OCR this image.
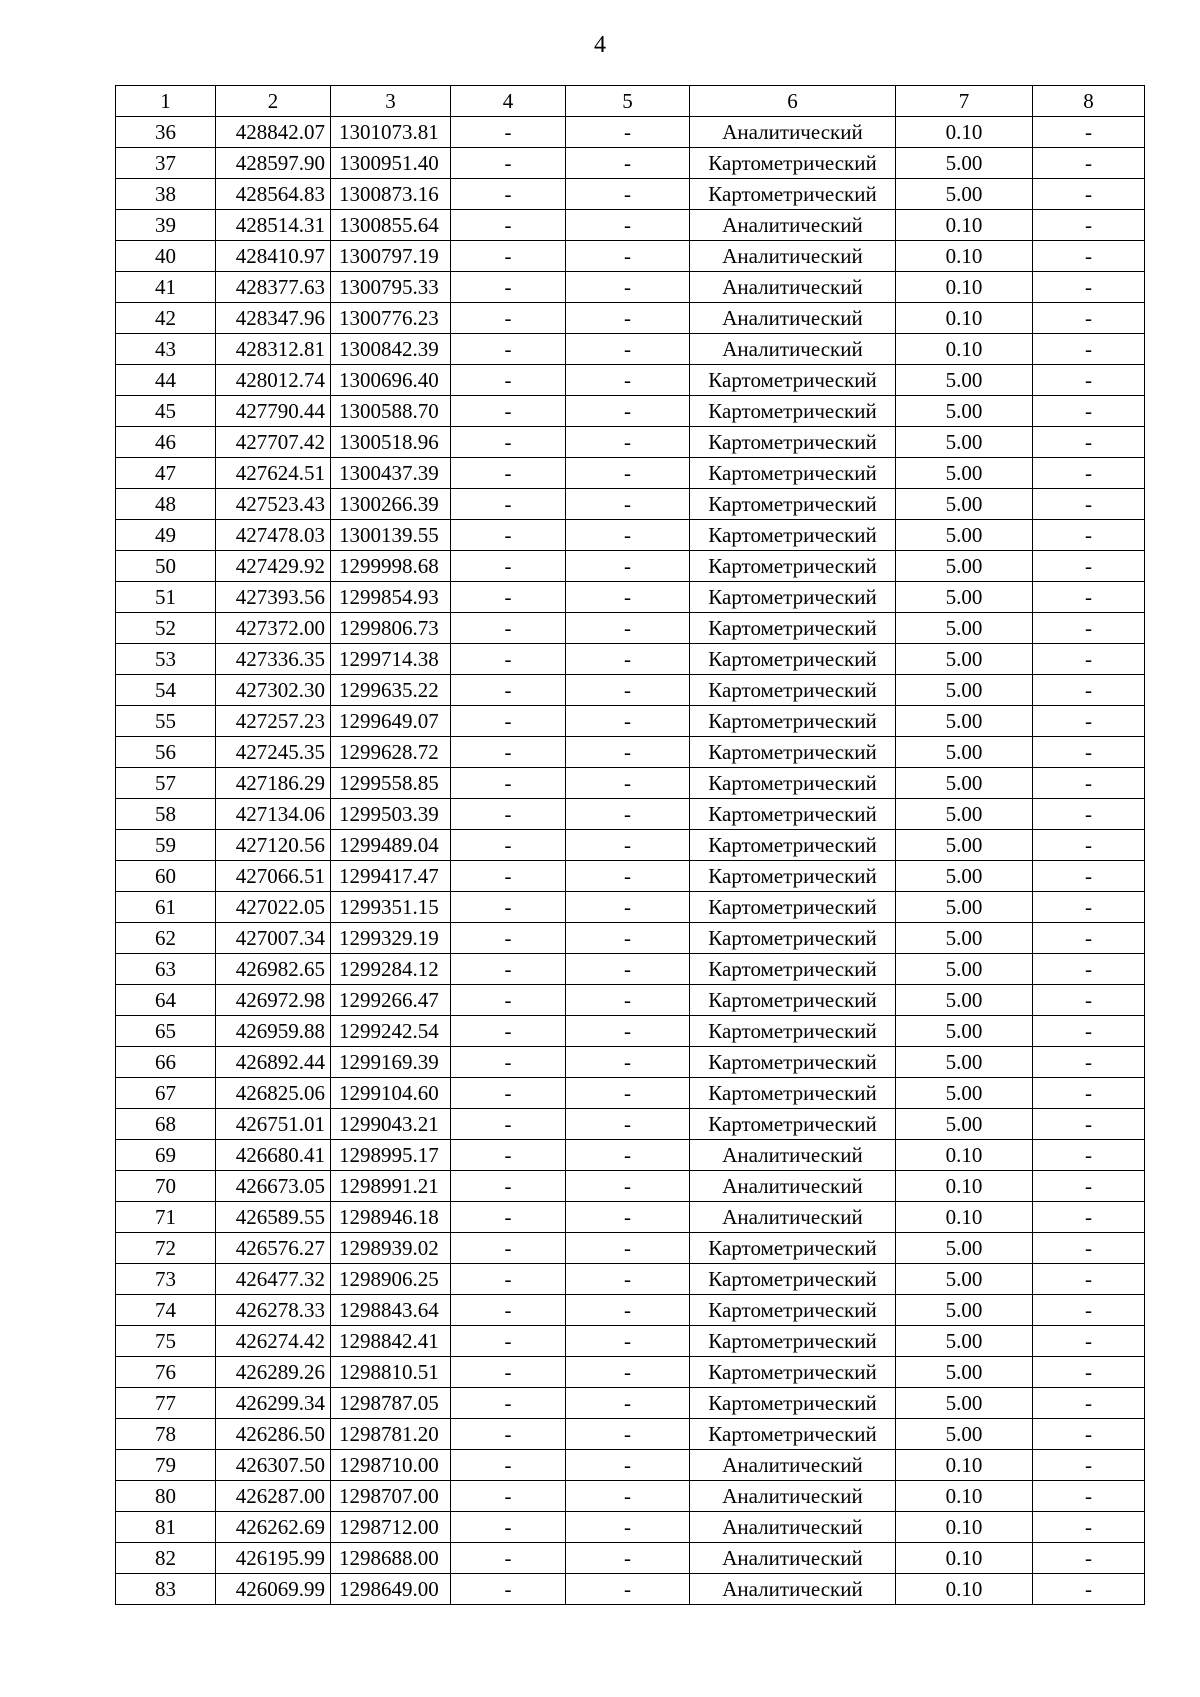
4
1	2	3	4	5	6	7	8
36	428842.07	1301073.81	-	-	Аналитический	0.10	-
37	428597.90	1300951.40	-	-	Картометрический	5.00	-
38	428564.83	1300873.16	-	-	Картометрический	5.00	-
39	428514.31	1300855.64	-	-	Аналитический	0.10	-
40	428410.97	1300797.19	-	-	Аналитический	0.10	-
41	428377.63	1300795.33	-	-	Аналитический	0.10	-
42	428347.96	1300776.23	-	-	Аналитический	0.10	-
43	428312.81	1300842.39	-	-	Аналитический	0.10	-
44	428012.74	1300696.40	-	-	Картометрический	5.00	-
45	427790.44	1300588.70	-	-	Картометрический	5.00	-
46	427707.42	1300518.96	-	-	Картометрический	5.00	-
47	427624.51	1300437.39	-	-	Картометрический	5.00	-
48	427523.43	1300266.39	-	-	Картометрический	5.00	-
49	427478.03	1300139.55	-	-	Картометрический	5.00	-
50	427429.92	1299998.68	-	-	Картометрический	5.00	-
51	427393.56	1299854.93	-	-	Картометрический	5.00	-
52	427372.00	1299806.73	-	-	Картометрический	5.00	-
53	427336.35	1299714.38	-	-	Картометрический	5.00	-
54	427302.30	1299635.22	-	-	Картометрический	5.00	-
55	427257.23	1299649.07	-	-	Картометрический	5.00	-
56	427245.35	1299628.72	-	-	Картометрический	5.00	-
57	427186.29	1299558.85	-	-	Картометрический	5.00	-
58	427134.06	1299503.39	-	-	Картометрический	5.00	-
59	427120.56	1299489.04	-	-	Картометрический	5.00	-
60	427066.51	1299417.47	-	-	Картометрический	5.00	-
61	427022.05	1299351.15	-	-	Картометрический	5.00	-
62	427007.34	1299329.19	-	-	Картометрический	5.00	-
63	426982.65	1299284.12	-	-	Картометрический	5.00	-
64	426972.98	1299266.47	-	-	Картометрический	5.00	-
65	426959.88	1299242.54	-	-	Картометрический	5.00	-
66	426892.44	1299169.39	-	-	Картометрический	5.00	-
67	426825.06	1299104.60	-	-	Картометрический	5.00	-
68	426751.01	1299043.21	-	-	Картометрический	5.00	-
69	426680.41	1298995.17	-	-	Аналитический	0.10	-
70	426673.05	1298991.21	-	-	Аналитический	0.10	-
71	426589.55	1298946.18	-	-	Аналитический	0.10	-
72	426576.27	1298939.02	-	-	Картометрический	5.00	-
73	426477.32	1298906.25	-	-	Картометрический	5.00	-
74	426278.33	1298843.64	-	-	Картометрический	5.00	-
75	426274.42	1298842.41	-	-	Картометрический	5.00	-
76	426289.26	1298810.51	-	-	Картометрический	5.00	-
77	426299.34	1298787.05	-	-	Картометрический	5.00	-
78	426286.50	1298781.20	-	-	Картометрический	5.00	-
79	426307.50	1298710.00	-	-	Аналитический	0.10	-
80	426287.00	1298707.00	-	-	Аналитический	0.10	-
81	426262.69	1298712.00	-	-	Аналитический	0.10	-
82	426195.99	1298688.00	-	-	Аналитический	0.10	-
83	426069.99	1298649.00	-	-	Аналитический	0.10	-
